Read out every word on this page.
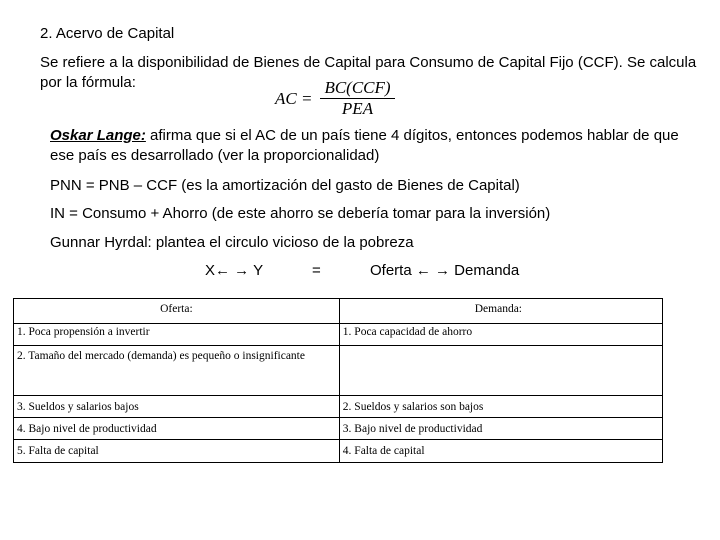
2. Acervo de Capital
Se refiere a la disponibilidad de Bienes de Capital para Consumo de Capital Fijo (CCF). Se calcula por la fórmula:
AC = $\frac{\text{BC(CCF)}}{\text{PEA}}$
Oskar Lange: afirma que si el AC de un país tiene 4 dígitos, entonces podemos hablar de que ese país es desarrollado (ver la proporcionalidad)
PNN = PNB – CCF (es la amortización del gasto de Bienes de Capital)
IN = Consumo + Ahorro (de este ahorro se debería tomar para la inversión)
Gunnar Hyrdal: plantea el circulo vicioso de la pobreza
X← → Y	=	Oferta ← → Demanda
Oferta:	Demanda:
1. Poca propensión a invertir	1. Poca capacidad de ahorro
2. Tamaño del mercado (demanda) es pequeño o insignificante	
3. Sueldos y salarios bajos	2. Sueldos y salarios son bajos
4. Bajo nivel de productividad	3. Bajo nivel de productividad
5. Falta de capital	4. Falta de capital
